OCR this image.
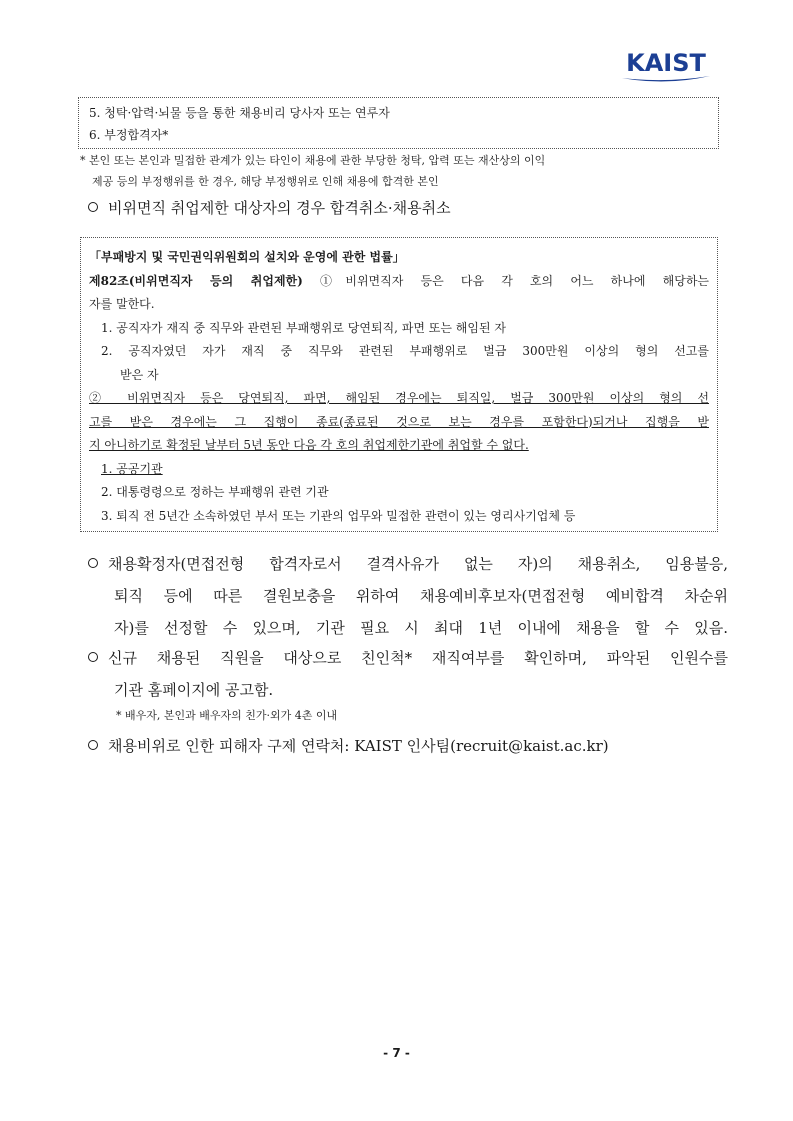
KAIST
5. 청탁·압력·뇌물 등을 통한 채용비리 당사자 또는 연루자
6. 부정합격자*
* 본인 또는 본인과 밀접한 관계가 있는 타인이 채용에 관한 부당한 청탁, 압력 또는 재산상의 이익
제공 등의 부정행위를 한 경우, 해당 부정행위로 인해 채용에 합격한 본인
비위면직 취업제한 대상자의 경우 합격취소·채용취소
「부패방지 및 국민권익위원회의 설치와 운영에 관한 법률」
제82조(비위면직자 등의 취업제한) ①비위면직자 등은 다음 각 호의 어느 하나에 해당하는
자를 말한다.
1. 공직자가 재직 중 직무와 관련된 부패행위로 당연퇴직, 파면 또는 해임된 자
2. 공직자였던 자가 재직 중 직무와 관련된 부패행위로 벌금 300만원 이상의 형의 선고를
받은 자
② 비위면직자 등은 당연퇴직, 파면, 해임된 경우에는 퇴직일, 벌금 300만원 이상의 형의 선
고를 받은 경우에는 그 집행이 종료(종료된 것으로 보는 경우를 포함한다)되거나 집행을 받
지 아니하기로 확정된 날부터 5년 동안 다음 각 호의 취업제한기관에 취업할 수 없다.
1. 공공기관
2. 대통령령으로 정하는 부패행위 관련 기관
3. 퇴직 전 5년간 소속하였던 부서 또는 기관의 업무와 밀접한 관련이 있는 영리사기업체 등
채용확정자(면접전형 합격자로서 결격사유가 없는 자)의 채용취소, 임용불응,
퇴직 등에 따른 결원보충을 위하여 채용예비후보자(면접전형 예비합격 차순위
자)를 선정할 수 있으며, 기관 필요 시 최대 1년 이내에 채용을 할 수 있음.
신규 채용된 직원을 대상으로 친인척* 재직여부를 확인하며, 파악된 인원수를
기관 홈페이지에 공고함.
* 배우자, 본인과 배우자의 친가·외가 4촌 이내
채용비위로 인한 피해자 구제 연락처: KAIST 인사팀(recruit@kaist.ac.kr)
- 7 -
